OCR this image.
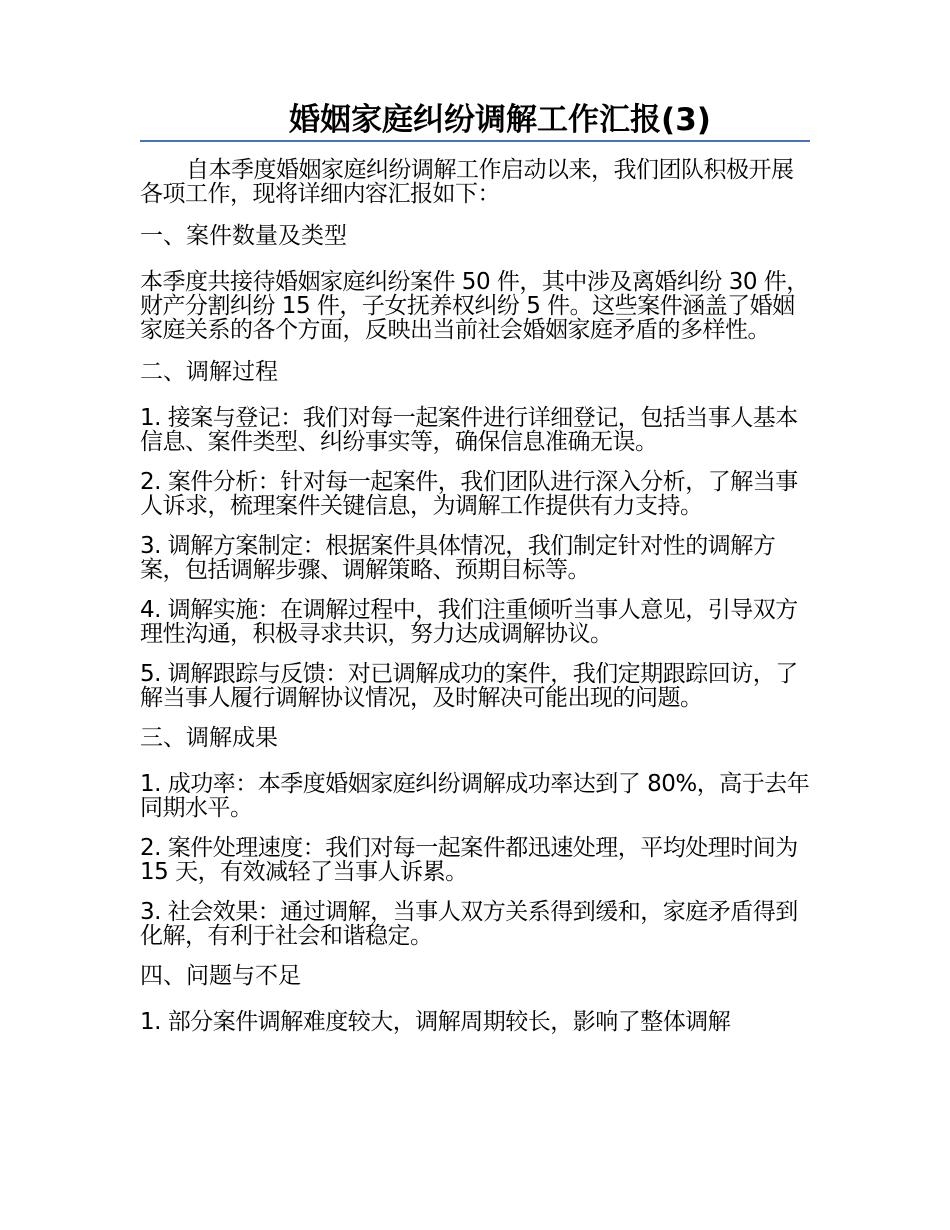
婚姻家庭纠纷调解工作汇报(3)

自本季度婚姻家庭纠纷调解工作启动以来，我们团队积极开展各项工作，现将详细内容汇报如下：

一、案件数量及类型

本季度共接待婚姻家庭纠纷案件 50 件，其中涉及离婚纠纷 30 件，财产分割纠纷 15 件，子女抚养权纠纷 5 件。这些案件涵盖了婚姻家庭关系的各个方面，反映出当前社会婚姻家庭矛盾的多样性。

二、调解过程

1. 接案与登记：我们对每一起案件进行详细登记，包括当事人基本信息、案件类型、纠纷事实等，确保信息准确无误。

2. 案件分析：针对每一起案件，我们团队进行深入分析，了解当事人诉求，梳理案件关键信息，为调解工作提供有力支持。

3. 调解方案制定：根据案件具体情况，我们制定针对性的调解方案，包括调解步骤、调解策略、预期目标等。

4. 调解实施：在调解过程中，我们注重倾听当事人意见，引导双方理性沟通，积极寻求共识，努力达成调解协议。

5. 调解跟踪与反馈：对已调解成功的案件，我们定期跟踪回访，了解当事人履行调解协议情况，及时解决可能出现的问题。

三、调解成果

1. 成功率：本季度婚姻家庭纠纷调解成功率达到了 80%，高于去年同期水平。

2. 案件处理速度：我们对每一起案件都迅速处理，平均处理时间为 15 天，有效减轻了当事人诉累。

3. 社会效果：通过调解，当事人双方关系得到缓和，家庭矛盾得到化解，有利于社会和谐稳定。

四、问题与不足

1. 部分案件调解难度较大，调解周期较长，影响了整体调解
